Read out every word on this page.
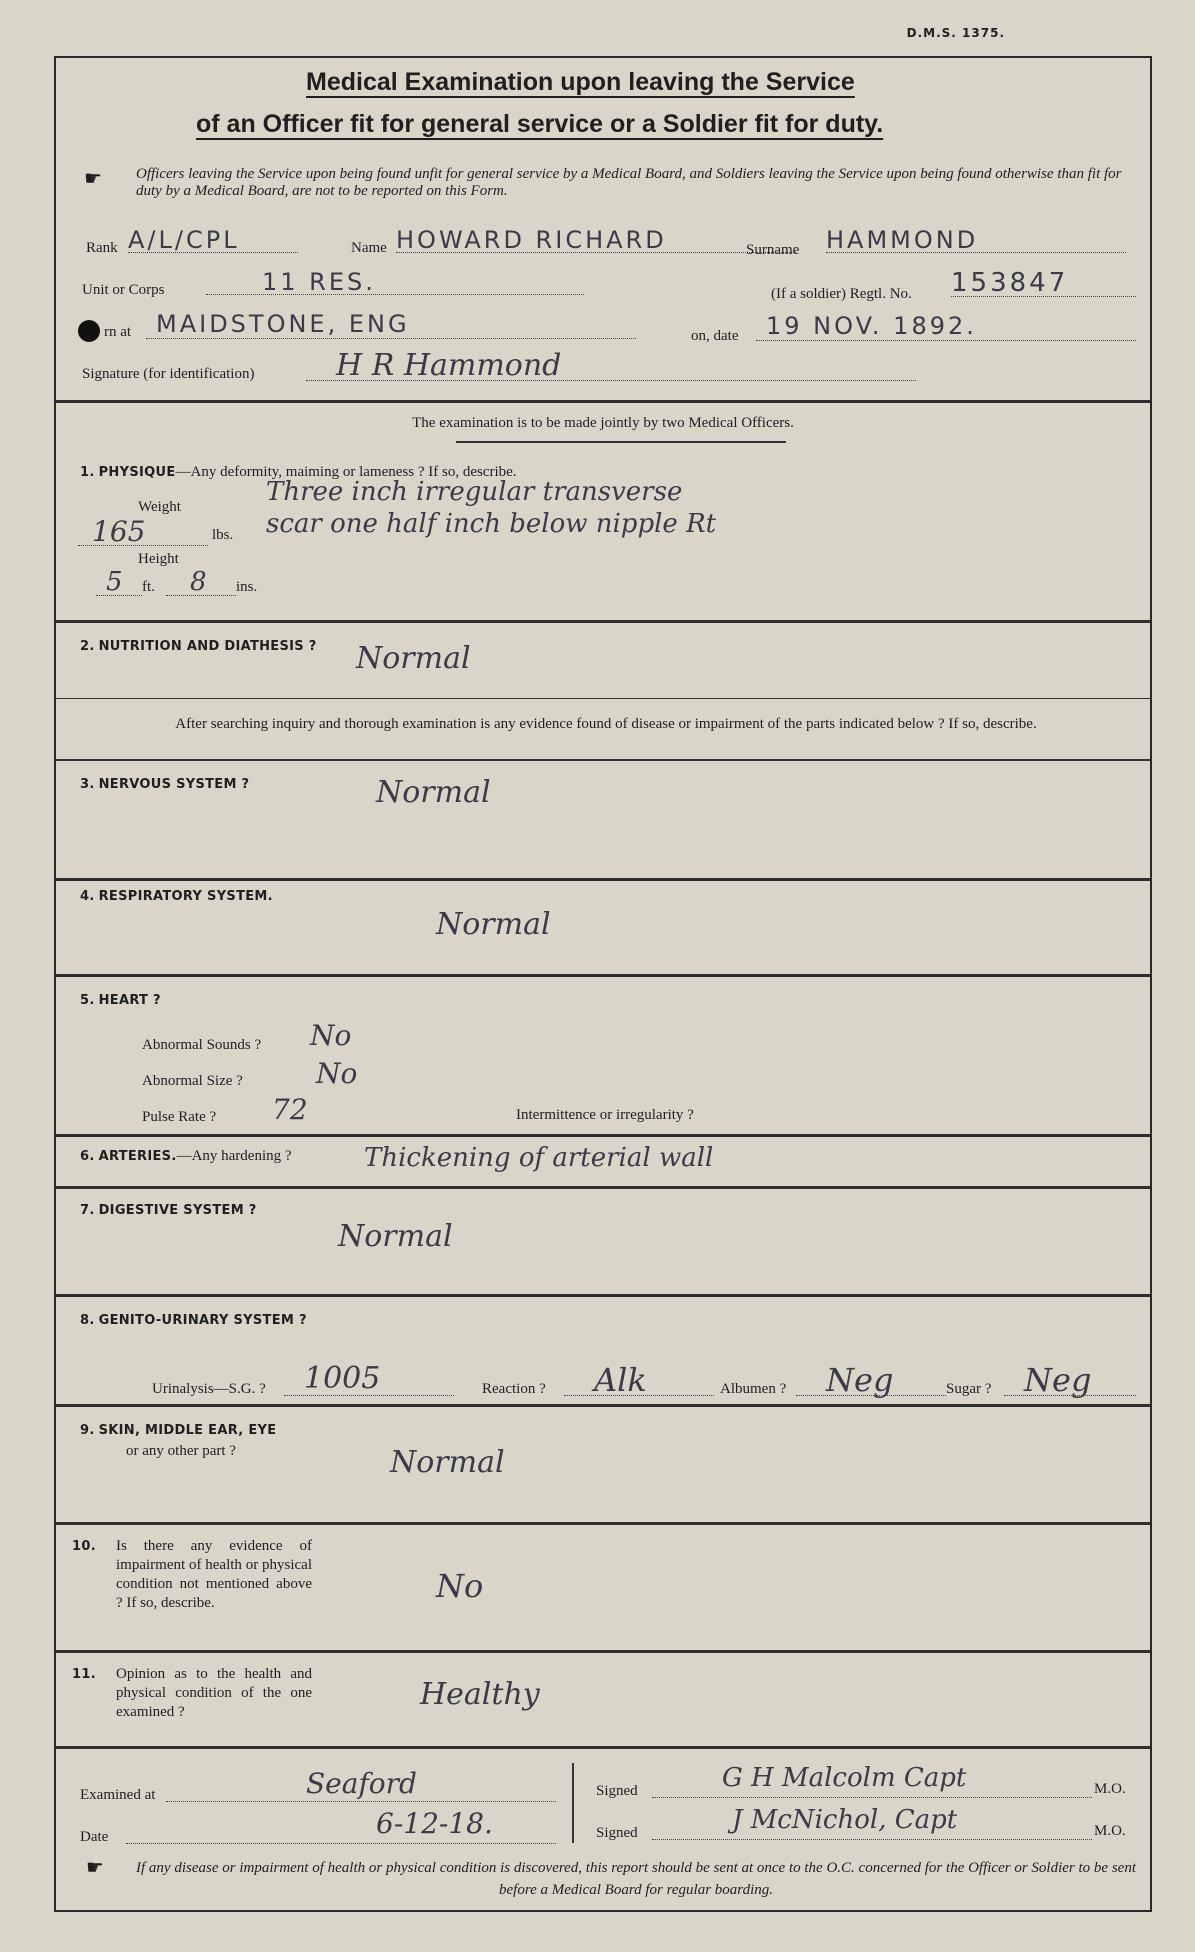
D.M.S. 1375.
Medical Examination upon leaving the Service
of an Officer fit for general service or a Soldier fit for duty.
☛ Officers leaving the Service upon being found unfit for general service by a Medical Board, and Soldiers leaving the Service upon being found otherwise than fit for duty by a Medical Board, are not to be reported on this Form.
Rank A/L/CPL	Name HOWARD RICHARD	Surname HAMMOND
Unit or Corps	11 RES.	(If a soldier) Regtl. No. 153847
rn at	MAIDSTONE, ENG	on, date	19 NOV. 1892.
Signature (for identification)	H R Hammond
The examination is to be made jointly by two Medical Officers.
1. PHYSIQUE—Any deformity, maiming or lameness ? If so, describe.
Three inch irregular transverse
scar one half inch below nipple Rt
Weight
165	lbs.
Height
5	ft.	8	ins.
2. NUTRITION AND DIATHESIS ? Normal
After searching inquiry and thorough examination is any evidence found of disease or impairment of the parts indicated below ? If so, describe.
3. NERVOUS SYSTEM ?	Normal
4. RESPIRATORY SYSTEM.
Normal
5. HEART ?
Abnormal Sounds ? No
Abnormal Size ?	No
Pulse Rate ? 72	Intermittence or irregularity ?
6. ARTERIES.—Any hardening ?	Thickening of arterial wall
7. DIGESTIVE SYSTEM ?
Normal
8. GENITO-URINARY SYSTEM ?
Urinalysis—S.G. ?	1005	Reaction ?	Alk	Albumen ?	Neg	Sugar ?	Neg
9. SKIN, MIDDLE EAR, EYE
or any other part ?	Normal
10. Is there any evidence of impairment of health or physical condition not mentioned above ? If so, describe.	No
11. Opinion as to the health and physical condition of the one examined ?	Healthy
Examined at	Seaford
Date	6-12-18.
Signed	G H Malcolm Capt	M.O.
Signed	J McNichol, Capt	M.O.
☛ If any disease or impairment of health or physical condition is discovered, this report should be sent at once to the O.C. concerned for the Officer or Soldier to be sent before a Medical Board for regular boarding.
